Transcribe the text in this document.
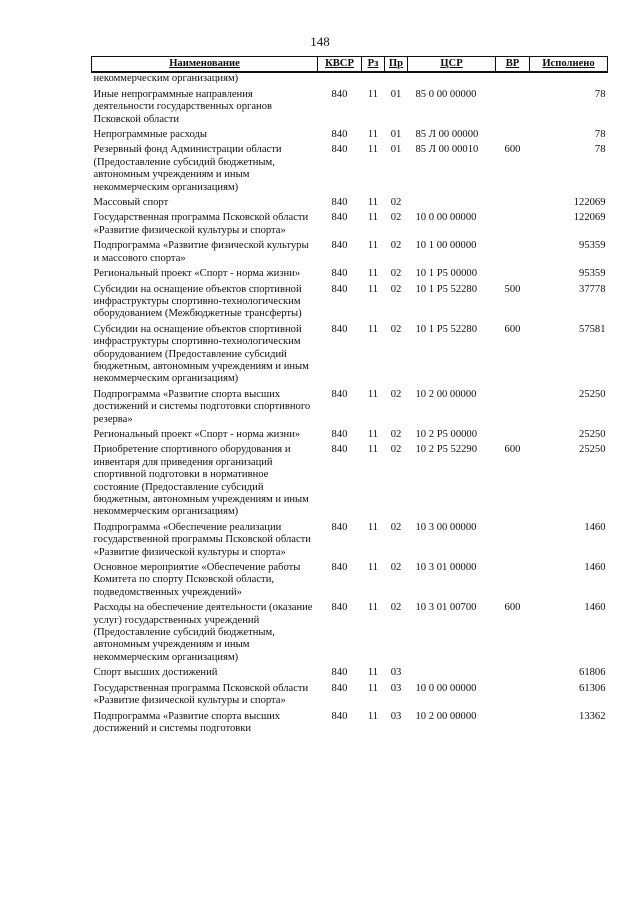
148
Наименование	КВСР	Рз	Пр	ЦСР	ВР	Исполнено
некоммерческим организациям)						
Иные непрограммные направления деятельности государственных органов Псковской области	840	11	01	85 0 00 00000		78
Непрограммные расходы	840	11	01	85 Л 00 00000		78
Резервный фонд Администрации области (Предоставление субсидий бюджетным, автономным учреждениям и иным некоммерческим организациям)	840	11	01	85 Л 00 00010	600	78
Массовый спорт	840	11	02			122069
Государственная программа Псковской области «Развитие физической культуры и спорта»	840	11	02	10 0 00 00000		122069
Подпрограмма «Развитие физической культуры и массового спорта»	840	11	02	10 1 00 00000		95359
Региональный проект «Спорт - норма жизни»	840	11	02	10 1 Р5 00000		95359
Субсидии на оснащение объектов спортивной инфраструктуры спортивно-технологическим оборудованием (Межбюджетные трансферты)	840	11	02	10 1 Р5 52280	500	37778
Субсидии на оснащение объектов спортивной инфраструктуры спортивно-технологическим оборудованием (Предоставление субсидий бюджетным, автономным учреждениям и иным некоммерческим организациям)	840	11	02	10 1 Р5 52280	600	57581
Подпрограмма «Развитие спорта высших достижений и системы подготовки спортивного резерва»	840	11	02	10 2 00 00000		25250
Региональный проект «Спорт - норма жизни»	840	11	02	10 2 Р5 00000		25250
Приобретение спортивного оборудования и инвентаря для приведения организаций спортивной подготовки в нормативное состояние (Предоставление субсидий бюджетным, автономным учреждениям и иным некоммерческим организациям)	840	11	02	10 2 Р5 52290	600	25250
Подпрограмма «Обеспечение реализации государственной программы Псковской области «Развитие физической культуры и спорта»	840	11	02	10 3 00 00000		1460
Основное мероприятие «Обеспечение работы Комитета по спорту Псковской области, подведомственных учреждений»	840	11	02	10 3 01 00000		1460
Расходы на обеспечение деятельности (оказание услуг) государственных учреждений (Предоставление субсидий бюджетным, автономным учреждениям и иным некоммерческим организациям)	840	11	02	10 3 01 00700	600	1460
Спорт высших достижений	840	11	03			61806
Государственная программа Псковской области «Развитие физической культуры и спорта»	840	11	03	10 0 00 00000		61306
Подпрограмма «Развитие спорта высших достижений и системы подготовки	840	11	03	10 2 00 00000		13362
